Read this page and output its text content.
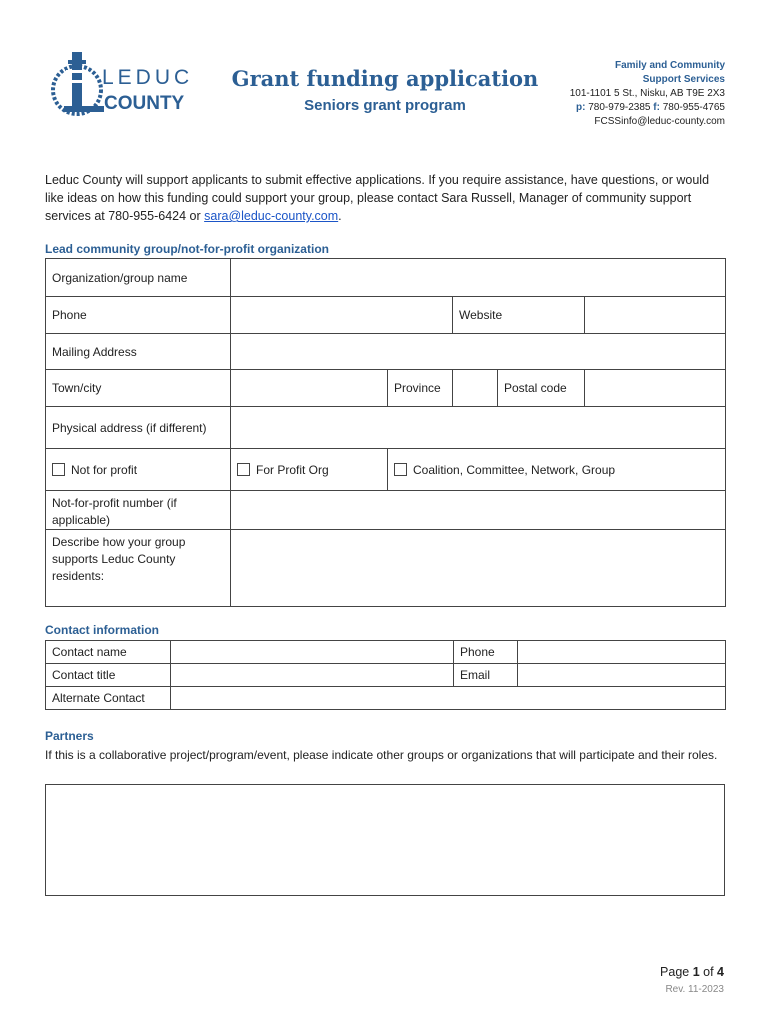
LEDUC
COUNTY
Grant funding application
Seniors grant program
Family and Community
Support Services
101-1101 5 St., Nisku, AB T9E 2X3
p: 780-979-2385 f: 780-955-4765
FCSSinfo@leduc-county.com
Leduc County will support applicants to submit effective applications. If you require assistance, have questions, or would like ideas on how this funding could support your group, please contact Sara Russell, Manager of community support services at 780-955-6424 or sara@leduc-county.com.
Lead community group/not-for-profit organization
Organization/group name					
Phone			Website		
Mailing Address					
Town/city		Province		Postal code	
Physical address (if different)					
Not for profit	For Profit Org	Coalition, Committee, Network, Group			
Not-for-profit number (if applicable)					
Describe how your group supports Leduc County residents:					
Contact information
Contact name		Phone	
Contact title		Email	
Alternate Contact			
Partners
If this is a collaborative project/program/event, please indicate other groups or organizations that will participate and their roles.
Page 1 of 4
Rev. 11-2023
